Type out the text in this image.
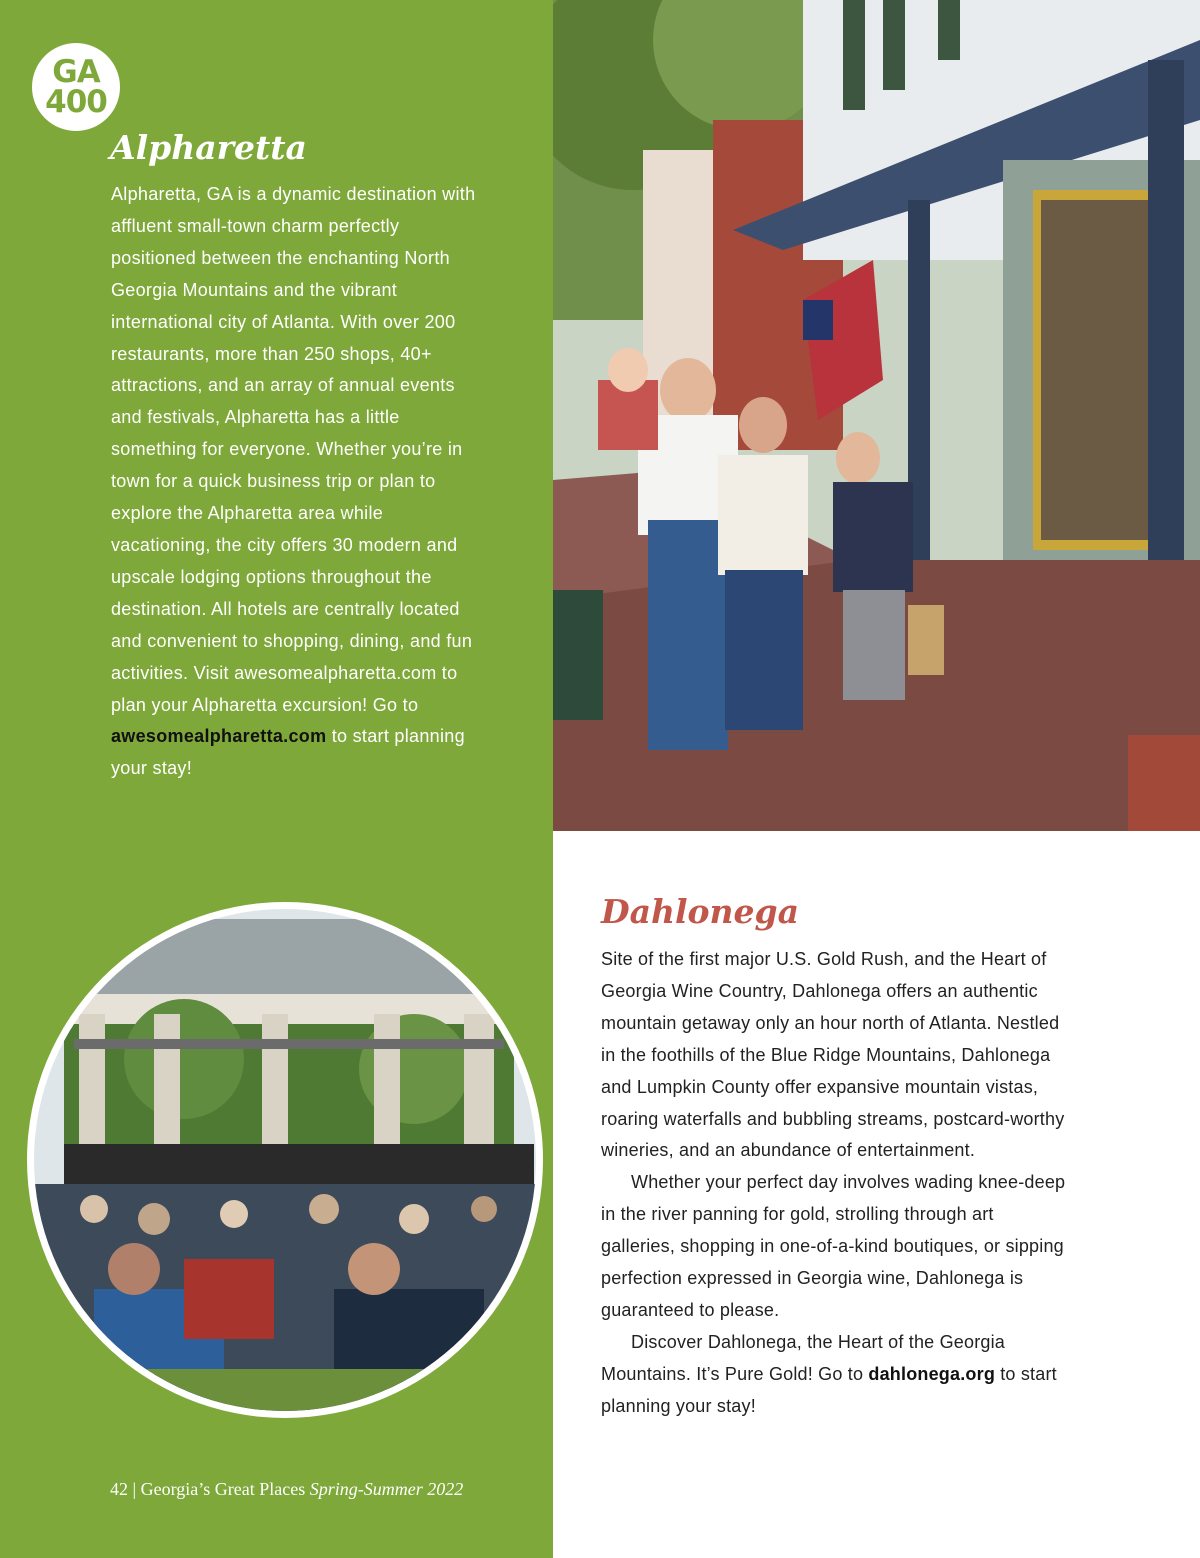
GA
400
Alpharetta

Alpharetta, GA is a dynamic destination with affluent small-town charm perfectly positioned between the enchanting North Georgia Mountains and the vibrant international city of Atlanta. With over 200 restaurants, more than 250 shops, 40+ attractions, and an array of annual events and festivals, Alpharetta has a little something for everyone. Whether you’re in town for a quick business trip or plan to explore the Alpharetta area while vacationing, the city offers 30 modern and upscale lodging options throughout the destination. All hotels are centrally located and convenient to shopping, dining, and fun activities. Visit awesomealpharetta.com to plan your Alpharetta excursion! Go to awesomealpharetta.com to start planning your stay!

Dahlonega

Site of the first major U.S. Gold Rush, and the Heart of Georgia Wine Country, Dahlonega offers an authentic mountain getaway only an hour north of Atlanta. Nestled in the foothills of the Blue Ridge Mountains, Dahlonega and Lumpkin County offer expansive mountain vistas, roaring waterfalls and bubbling streams, postcard-worthy wineries, and an abundance of entertainment.

Whether your perfect day involves wading knee-deep in the river panning for gold, strolling through art galleries, shopping in one-of-a-kind boutiques, or sipping perfection expressed in Georgia wine, Dahlonega is guaranteed to please.

Discover Dahlonega, the Heart of the Georgia Mountains. It’s Pure Gold! Go to dahlonega.org to start planning your stay!

42 | Georgia’s Great Places Spring-Summer 2022
